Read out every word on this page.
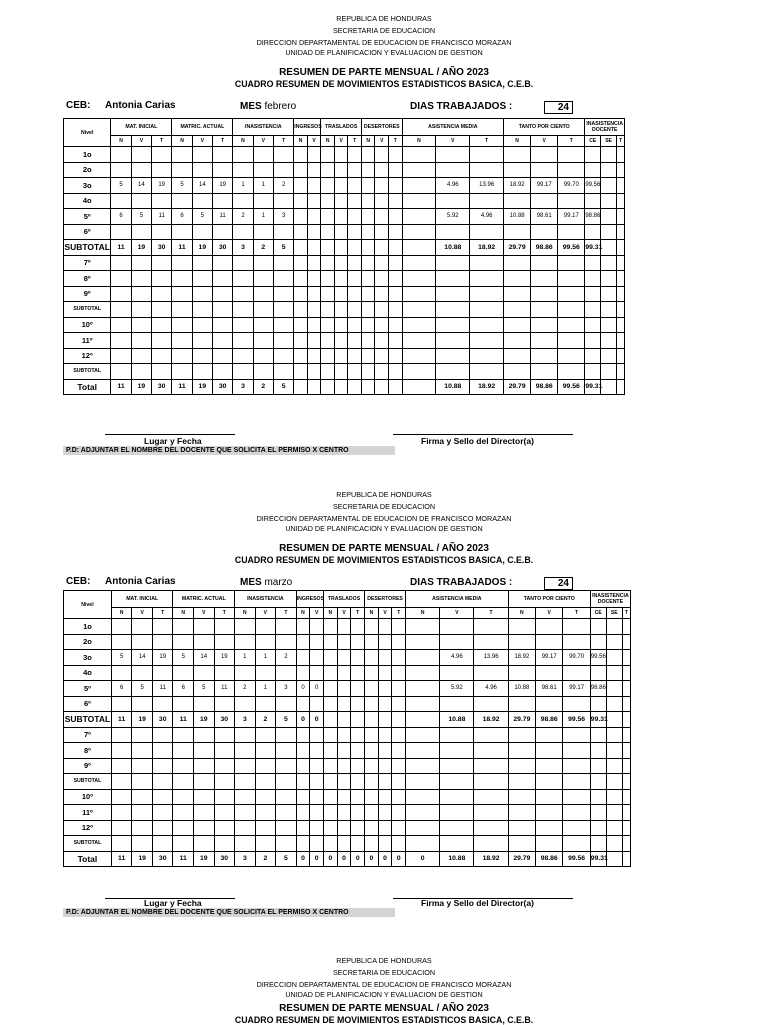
REPUBLICA DE HONDURAS
SECRETARIA DE EDUCACION
DIRECCION DEPARTAMENTAL DE EDUCACION DE FRANCISCO MORAZAN
UNIDAD DE PLANIFICACION Y EVALUACION DE GESTION
RESUMEN DE PARTE MENSUAL / AÑO 2023
CUADRO RESUMEN DE MOVIMIENTOS ESTADISTICOS BASICA, C.E.B.
CEB: Antonia Carias	MES febrero	DIAS TRABAJADOS :	24
Nivel	MAT. INICIAL			MATRIC. ACTUAL			INASISTENCIA			INGRESOS		TRASLADOS			DESERTORES			ASISTENCIA MEDIA			TANTO POR CIENTO			INASISTENCIA DOCENTE		
	N	V	T	N	V	T	N	V	T	N	V	N	V	T	N	V	T	N	V	T	N	V	T	CE	SE	T
1o																										
2o																										
3o	5	14	19	5	14	19	1	1	2										4.96	13.96	18.92	99.17	99.70	99.56		
4o																										
5º	6	5	11	6	5	11	2	1	3										5.92	4.96	10.88	98.61	99.17	98.86		
6º																										
SUBTOTAL	11	19	30	11	19	30	3	2	5										10.88	18.92	29.79	98.86	99.56	99.31		
7º																										
8º																										
9º																										
SUBTOTAL																										
10º																										
11º																										
12º																										
SUBTOTAL																										
Total	11	19	30	11	19	30	3	2	5										10.88	18.92	29.79	98.86	99.56	99.31		
Lugar y Fecha	Firma y Sello del Director(a)
P.D: ADJUNTAR EL NOMBRE DEL DOCENTE QUE SOLICITA EL PERMISO X CENTRO
REPUBLICA DE HONDURAS
SECRETARIA DE EDUCACION
DIRECCION DEPARTAMENTAL DE EDUCACION DE FRANCISCO MORAZAN
UNIDAD DE PLANIFICACION Y EVALUACION DE GESTION
RESUMEN DE PARTE MENSUAL / AÑO 2023
CUADRO RESUMEN DE MOVIMIENTOS ESTADISTICOS BASICA, C.E.B.
CEB: Antonia Carias	MES marzo	DIAS TRABAJADOS :	24
Nivel	MAT. INICIAL			MATRIC. ACTUAL			INASISTENCIA			INGRESOS		TRASLADOS			DESERTORES			ASISTENCIA MEDIA			TANTO POR CIENTO			INASISTENCIA DOCENTE		
	N	V	T	N	V	T	N	V	T	N	V	N	V	T	N	V	T	N	V	T	N	V	T	CE	SE	T
1o																										
2o																										
3o	5	14	19	5	14	19	1	1	2										4.96	13.96	18.92	99.17	99.70	99.56		
4o																										
5º	6	5	11	6	5	11	2	1	3	0	0								5.92	4.96	10.88	98.61	99.17	98.86		
6º																										
SUBTOTAL	11	19	30	11	19	30	3	2	5	0	0								10.88	18.92	29.79	98.86	99.56	99.31		
7º																										
8º																										
9º																										
SUBTOTAL																										
10º																										
11º																										
12º																										
SUBTOTAL																										
Total	11	19	30	11	19	30	3	2	5	0	0	0	0	0	0	0	0	0	10.88	18.92	29.79	98.86	99.56	99.31		
Lugar y Fecha	Firma y Sello del Director(a)
P.D: ADJUNTAR EL NOMBRE DEL DOCENTE QUE SOLICITA EL PERMISO X CENTRO
REPUBLICA DE HONDURAS
SECRETARIA DE EDUCACION
DIRECCION DEPARTAMENTAL DE EDUCACION DE FRANCISCO MORAZAN
UNIDAD DE PLANIFICACION Y EVALUACION DE GESTION
RESUMEN DE PARTE MENSUAL / AÑO 2023
CUADRO RESUMEN DE MOVIMIENTOS ESTADISTICOS BASICA, C.E.B.
